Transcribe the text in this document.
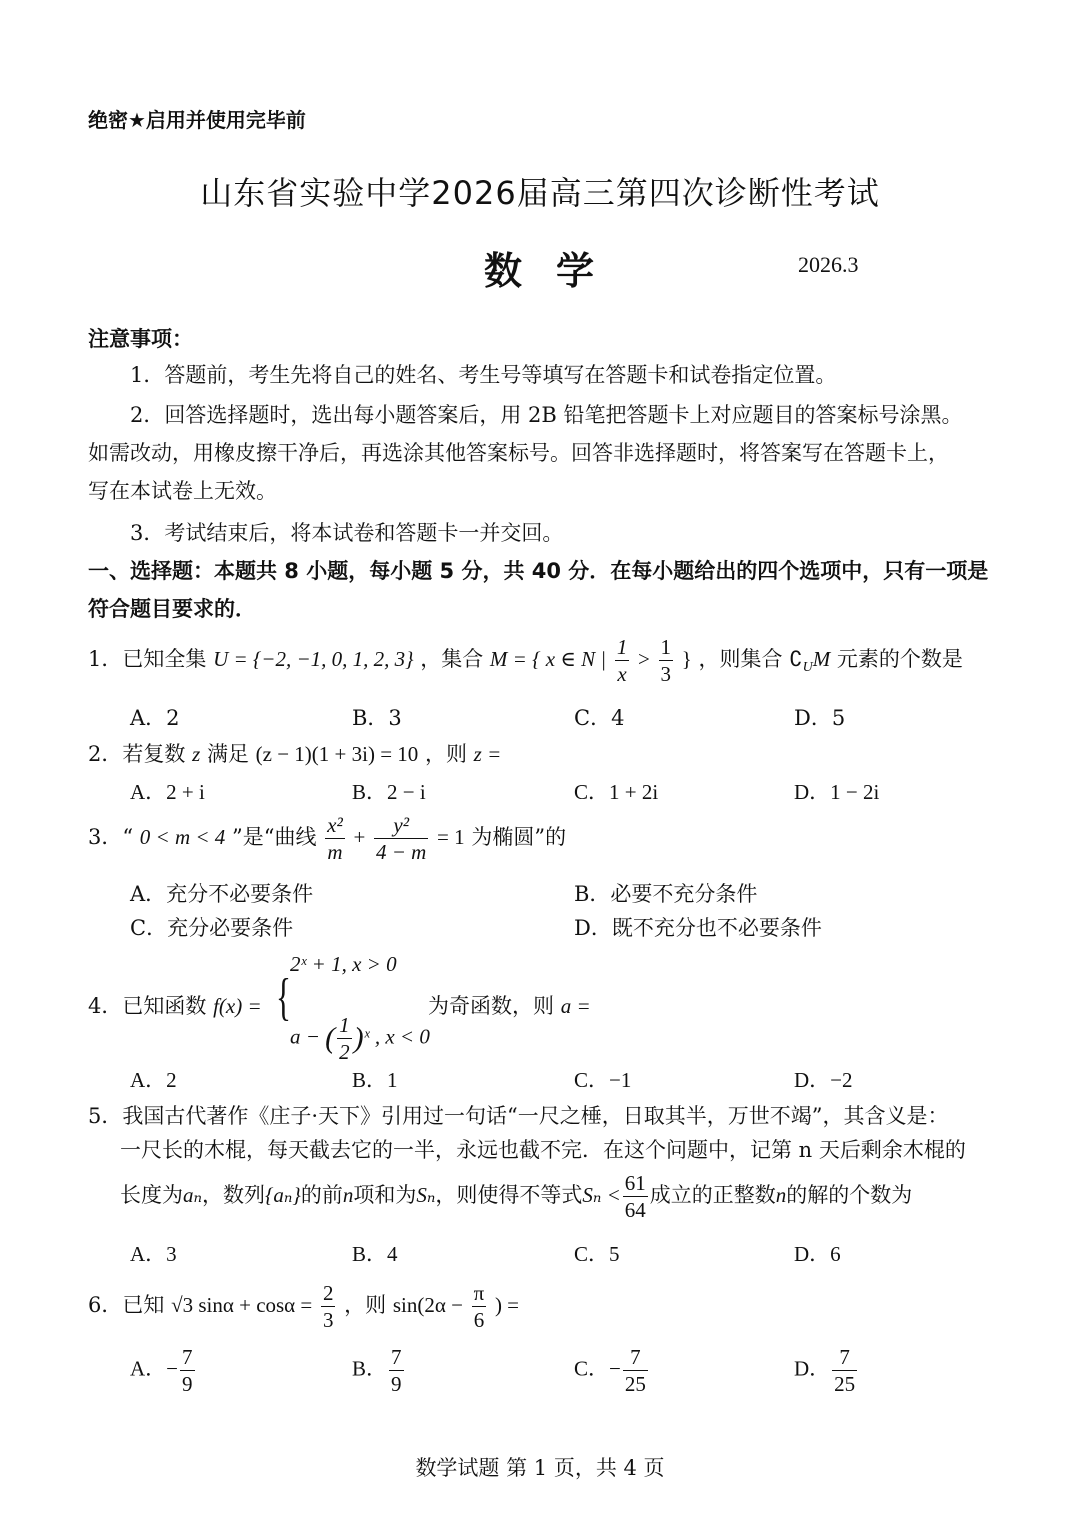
绝密★启用并使用完毕前
山东省实验中学2026届高三第四次诊断性考试
数学	2026.3
注意事项：
1．答题前，考生先将自己的姓名、考生号等填写在答题卡和试卷指定位置。
2．回答选择题时，选出每小题答案后，用 2B 铅笔把答题卡上对应题目的答案标号涂黑。
如需改动，用橡皮擦干净后，再选涂其他答案标号。回答非选择题时，将答案写在答题卡上，
写在本试卷上无效。
3．考试结束后，将本试卷和答题卡一并交回。
一、选择题：本题共 8 小题，每小题 5 分，共 40 分．在每小题给出的四个选项中，只有一项是
符合题目要求的．
1．已知全集 U = {−2, −1, 0, 1, 2, 3} ，集合 M = { x ∈ N | $\frac{1}{x} > \frac{1}{3}$ } ，则集合 $∁_UM$ 元素的个数是
A．2	B．3	C．4	D．5
2．若复数 z 满足 (z − 1)(1 + 3i) = 10 ，则 z =
A．2 + i	B．2 − i	C．1 + 2i	D．1 − 2i
3．“ 0 < m < 4 ”是“曲线 $\frac{\text{x²}}{m} + \frac{\text{y²}}{4 - m} = 1$ 为椭圆”的
A．充分不必要条件	B．必要不充分条件
C．充分必要条件	D．既不充分也不必要条件
4．已知函数 f(x) = {
2ˣ + 1, x > 0
a − ( $\frac{1}{2}$ )ˣ , x < 0
为奇函数，则 a =
A．2	B．1	C．−1	D．−2
5．我国古代著作《庄子·天下》引用过一句话“一尺之棰，日取其半，万世不竭”，其含义是：
一尺长的木棍，每天截去它的一半，永远也截不完．在这个问题中，记第 n 天后剩余木棍的
长度为aₙ，数列{aₙ}的前n项和为Sₙ，则使得不等式$S_n < \frac{61}{64}$ 成立的正整数n的解的个数为
A．3	B．4	C．5	D．6
6．已知 √3 $\sin\alpha + \cos\alpha = \frac{2}{3}$ ，则 $\sin(2\alpha - \frac{\pi}{6}$ ) =
A．− $\frac{7}{9}$	B． $\frac{7}{9}$	C．− $\frac{7}{25}$	D． $\frac{7}{25}$
数学试题 第 1 页，共 4 页
